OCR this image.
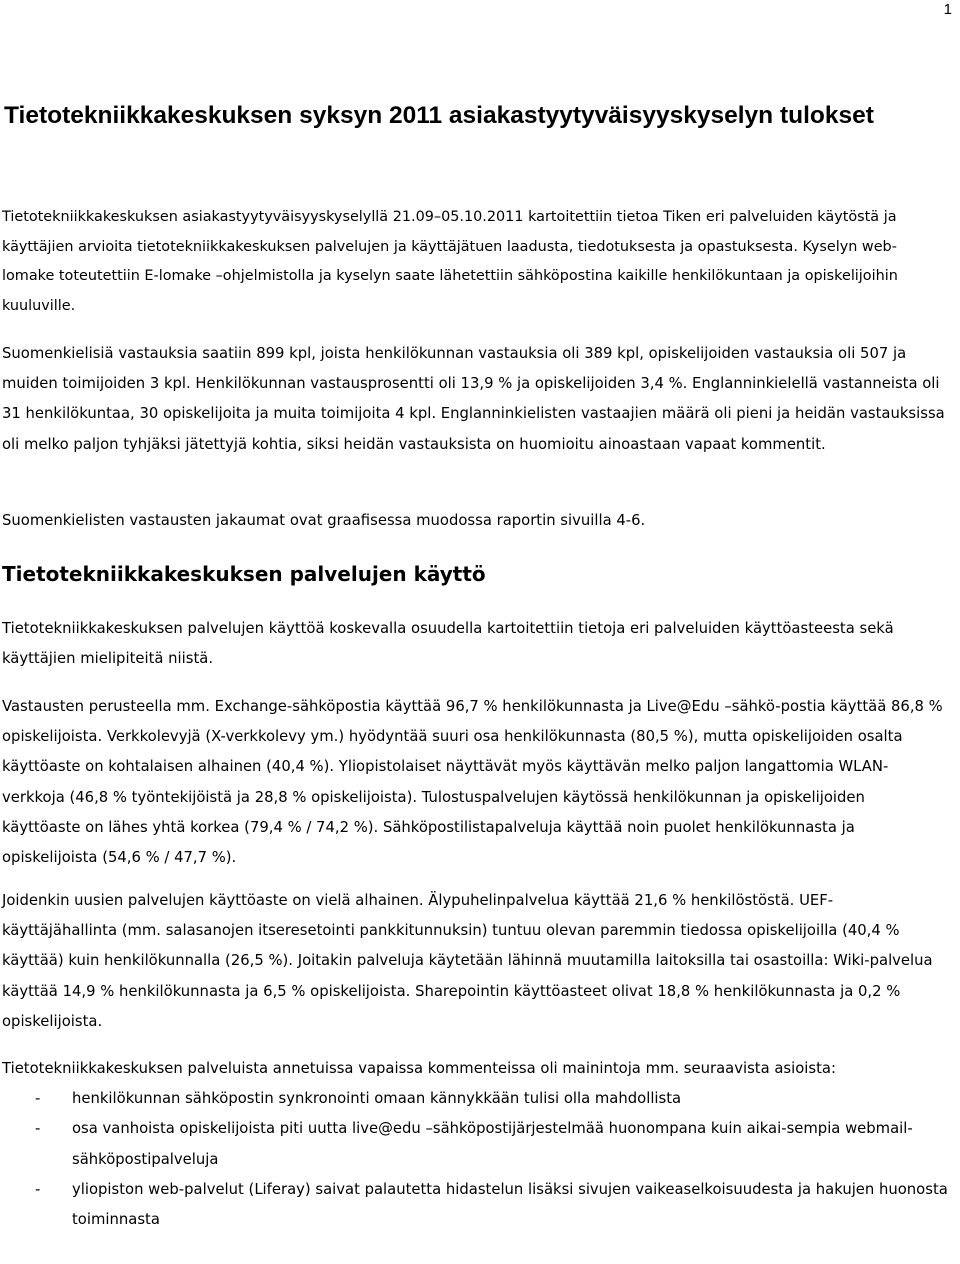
1
Tietotekniikkakeskuksen syksyn 2011 asiakastyytyväisyyskyselyn tulokset

Tietotekniikkakeskuksen asiakastyytyväisyyskyselyllä 21.09–05.10.2011 kartoitettiin tietoa Tiken eri palveluiden käytöstä ja käyttäjien arvioita tietotekniikkakeskuksen palvelujen ja käyttäjätuen laadusta, tiedotuksesta ja opastuksesta. Kyselyn web-lomake toteutettiin E-lomake –ohjelmistolla ja kyselyn saate lähetettiin sähköpostina kaikille henkilökuntaan ja opiskelijoihin kuuluville.

Suomenkielisiä vastauksia saatiin 899 kpl, joista henkilökunnan vastauksia oli 389 kpl, opiskelijoiden vastauksia oli 507 ja muiden toimijoiden 3 kpl. Henkilökunnan vastausprosentti oli 13,9 % ja opiskelijoiden 3,4 %. Englanninkielellä vastanneista oli 31 henkilökuntaa, 30 opiskelijoita ja muita toimijoita 4 kpl. Englanninkielisten vastaajien määrä oli pieni ja heidän vastauksissa oli melko paljon tyhjäksi jätettyjä kohtia, siksi heidän vastauksista on huomioitu ainoastaan vapaat kommentit.

Suomenkielisten vastausten jakaumat ovat graafisessa muodossa raportin sivuilla 4-6.

Tietotekniikkakeskuksen palvelujen käyttö

Tietotekniikkakeskuksen palvelujen käyttöä koskevalla osuudella kartoitettiin tietoja eri palveluiden käyttöasteesta sekä käyttäjien mielipiteitä niistä.

Vastausten perusteella mm. Exchange-sähköpostia käyttää 96,7 % henkilökunnasta ja Live@Edu –sähkö-postia käyttää 86,8 % opiskelijoista. Verkkolevyjä (X-verkkolevy ym.) hyödyntää suuri osa henkilökunnasta (80,5 %), mutta opiskelijoiden osalta käyttöaste on kohtalaisen alhainen (40,4 %). Yliopistolaiset näyttävät myös käyttävän melko paljon langattomia WLAN-verkkoja (46,8 % työntekijöistä ja 28,8 % opiskelijoista). Tulostuspalvelujen käytössä henkilökunnan ja opiskelijoiden käyttöaste on lähes yhtä korkea (79,4 % / 74,2 %). Sähköpostilistapalveluja käyttää noin puolet henkilökunnasta ja opiskelijoista (54,6 % / 47,7 %).

Joidenkin uusien palvelujen käyttöaste on vielä alhainen. Älypuhelinpalvelua käyttää 21,6 % henkilöstöstä. UEF-käyttäjähallinta (mm. salasanojen itseresetointi pankkitunnuksin) tuntuu olevan paremmin tiedossa opiskelijoilla (40,4 % käyttää) kuin henkilökunnalla (26,5 %). Joitakin palveluja käytetään lähinnä muutamilla laitoksilla tai osastoilla: Wiki-palvelua käyttää 14,9 % henkilökunnasta ja 6,5 % opiskelijoista. Sharepointin käyttöasteet olivat 18,8 % henkilökunnasta ja 0,2 % opiskelijoista.

Tietotekniikkakeskuksen palveluista annetuissa vapaissa kommenteissa oli mainintoja mm. seuraavista asioista:

- henkilökunnan sähköpostin synkronointi omaan kännykkään tulisi olla mahdollista
- osa vanhoista opiskelijoista piti uutta live@edu –sähköpostijärjestelmää huonompana kuin aikai-sempia webmail-sähköpostipalveluja
- yliopiston web-palvelut (Liferay) saivat palautetta hidastelun lisäksi sivujen vaikeaselkoisuudesta ja hakujen huonosta toiminnasta
